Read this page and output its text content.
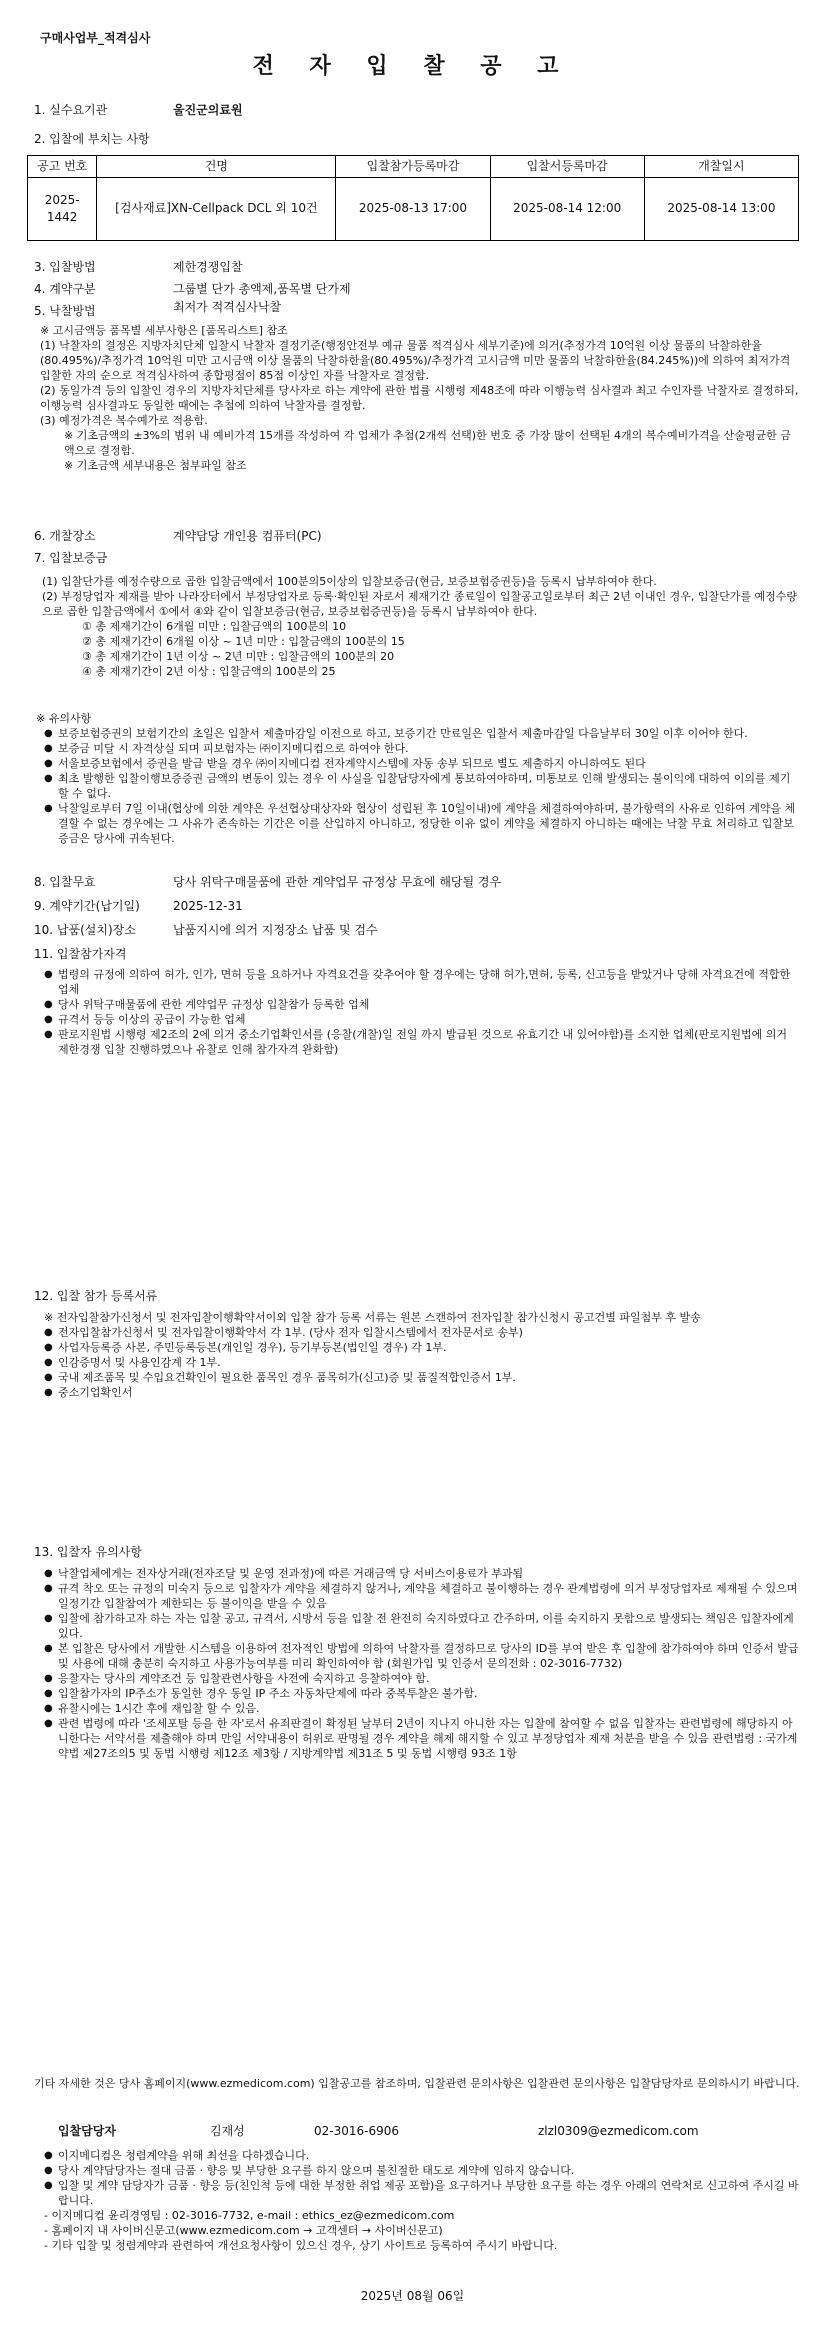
구매사업부_적격심사
전 자 입 찰 공 고
1. 실수요기관	울진군의료원
2. 입찰에 부치는 사항
공고 번호	건명	입찰참가등록마감	입찰서등록마감	개찰일시
2025-1442	[검사재료]XN-Cellpack DCL 외 10건	2025-08-13 17:00	2025-08-14 12:00	2025-08-14 13:00
3. 입찰방법	제한경쟁입찰
4. 계약구분	그룹별 단가 총액제,품목별 단가제
5. 낙찰방법	최저가 적격심사낙찰
※ 고시금액등 품목별 세부사항은 [품목리스트] 참조
(1) 낙찰자의 결정은 지방자치단체 입찰시 낙찰자 결정기준(행정안전부 예규 물품 적격심사 세부기준)에 의거(추정가격 10억원 이상 물품의 낙찰하한율(80.495%)/추정가격 10억원 미만 고시금액 이상 물품의 낙찰하한율(80.495%)/추정가격 고시금액 미만 물품의 낙찰하한율(84.245%))에 의하여 최저가격 입찰한 자의 순으로 적격심사하여 종합평점이 85점 이상인 자를 낙찰자로 결정함.
(2) 동일가격 등의 입찰인 경우의 지방자치단체를 당사자로 하는 계약에 관한 법률 시행령 제48조에 따라 이행능력 심사결과 최고 수인자를 낙찰자로 결정하되, 이행능력 심사결과도 동일한 때에는 추첨에 의하여 낙찰자를 결정함.
(3) 예정가격은 복수예가로 적용함.
※ 기초금액의 ±3%의 범위 내 예비가격 15개를 작성하여 각 업체가 추첨(2개씩 선택)한 번호 중 가장 많이 선택된 4개의 복수예비가격을 산술평균한 금액으로 결정함.
※ 기초금액 세부내용은 첨부파일 참조
6. 개찰장소	계약담당 개인용 컴퓨터(PC)
7. 입찰보증금
(1) 입찰단가를 예정수량으로 곱한 입찰금액에서 100분의5이상의 입찰보증금(현금, 보증보험증권등)을 등록시 납부하여야 한다.
(2) 부정당업자 제재를 받아 나라장터에서 부정당업자로 등록·확인된 자로서 제재기간 종료일이 입찰공고일로부터 최근 2년 이내인 경우, 입찰단가를 예정수량으로 곱한 입찰금액에서 ①에서 ④와 같이 입찰보증금(현금, 보증보험증권등)을 등록시 납부하여야 한다.
① 총 제재기간이 6개월 미만 : 입찰금액의 100분의 10
② 총 제재기간이 6개월 이상 ~ 1년 미만 : 입찰금액의 100분의 15
③ 총 제재기간이 1년 이상 ~ 2년 미만 : 입찰금액의 100분의 20
④ 총 제재기간이 2년 이상 : 입찰금액의 100분의 25
※ 유의사항
● 보증보험증권의 보험기간의 초일은 입찰서 제출마감일 이전으로 하고, 보증기간 만료일은 입찰서 제출마감일 다음날부터 30일 이후 이어야 한다.
● 보증금 미달 시 자격상실 되며 피보험자는 ㈜이지메디컴으로 하여야 한다.
● 서울보증보험에서 증권을 발급 받을 경우 ㈜이지메디컴 전자계약시스템에 자동 송부 되므로 별도 제출하지 아니하여도 된다
● 최초 발행한 입찰이행보증증권 금액의 변동이 있는 경우 이 사실을 입찰담당자에게 통보하여야하며, 미통보로 인해 발생되는 불이익에 대하여 이의를 제기할 수 없다.
● 낙찰일로부터 7일 이내(협상에 의한 계약은 우선협상대상자와 협상이 성립된 후 10일이내)에 계약을 체결하여야하며, 불가항력의 사유로 인하여 계약을 체결할 수 없는 경우에는 그 사유가 존속하는 기간은 이를 산입하지 아니하고, 정당한 이유 없이 계약을 체결하지 아니하는 때에는 낙찰 무효 처리하고 입찰보증금은 당사에 귀속된다.
8. 입찰무효	당사 위탁구매물품에 관한 계약업무 규정상 무효에 해당될 경우
9. 계약기간(납기일)	2025-12-31
10. 납품(설치)장소	납품지시에 의거 지정장소 납품 및 검수
11. 입찰참가자격
● 법령의 규정에 의하여 허가, 인가, 면허 등을 요하거나 자격요건을 갖추어야 할 경우에는 당해 허가,면허, 등록, 신고등을 받았거나 당해 자격요건에 적합한 업체
● 당사 위탁구매물품에 관한 계약업무 규정상 입찰참가 등록한 업체
● 규격서 등등 이상의 공급이 가능한 업체
● 판로지원법 시행령 제2조의 2에 의거 중소기업확인서를 (응찰(개찰)일 전일 까지 발급된 것으로 유효기간 내 있어야함)를 소지한 업체(판로지원법에 의거 제한경쟁 입찰 진행하였으나 유찰로 인해 참가자격 완화함)
12. 입찰 참가 등록서류
※ 전자입찰참가신청서 및 전자입찰이행확약서이외 입찰 참가 등록 서류는 원본 스캔하여 전자입찰 참가신청시 공고건별 파일첨부 후 발송
● 전자입찰참가신청서 및 전자입찰이행확약서 각 1부. (당사 전자 입찰시스템에서 전자문서로 송부)
● 사업자등록증 사본, 주민등록등본(개인일 경우), 등기부등본(법인일 경우) 각 1부.
● 인감증명서 및 사용인감계 각 1부.
● 국내 제조품목 및 수입요건확인이 필요한 품목인 경우 품목허가(신고)증 및 품질적합인증서 1부.
● 중소기업확인서
13. 입찰자 유의사항
● 낙찰업체에게는 전자상거래(전자조달 및 운영 전과정)에 따른 거래금액 당 서비스이용료가 부과됨
● 규격 착오 또는 규정의 미숙지 등으로 입찰자가 계약을 체결하지 않거나, 계약을 체결하고 불이행하는 경우 관계법령에 의거 부정당업자로 제재될 수 있으며 일정기간 입찰참여가 제한되는 등 불이익을 받을 수 있음
● 입찰에 참가하고자 하는 자는 입찰 공고, 규격서, 시방서 등을 입찰 전 완전히 숙지하였다고 간주하며, 이를 숙지하지 못함으로 발생되는 책임은 입찰자에게 있다.
● 본 입찰은 당사에서 개발한 시스템을 이용하여 전자적인 방법에 의하여 낙찰자를 결정하므로 당사의 ID를 부여 받은 후 입찰에 참가하여야 하며 인증서 발급 및 사용에 대해 충분히 숙지하고 사용가능여부를 미리 확인하여야 함 (회원가입 및 인증서 문의전화 : 02-3016-7732)
● 응찰자는 당사의 계약조건 등 입찰관련사항을 사전에 숙지하고 응찰하여야 함.
● 입찰참가자의 IP주소가 동일한 경우 동일 IP 주소 자동차단제에 따라 중복투찰은 불가함.
● 유찰시에는 1시간 후에 재입찰 할 수 있음.
● 관련 법령에 따라 '조세포탈 등을 한 자'로서 유죄판결이 확정된 날부터 2년이 지나지 아니한 자는 입찰에 참여할 수 없음 입찰자는 관련법령에 해당하지 아니한다는 서약서를 제출해야 하며 만일 서약내용이 허위로 판명될 경우 계약을 해제 해지할 수 있고 부정당업자 제재 처분을 받을 수 있음 관련법령 : 국가계약법 제27조의5 및 동법 시행령 제12조 제3항 / 지방계약법 제31조 5 및 동법 시행령 93조 1항
기타 자세한 것은 당사 홈페이지(www.ezmedicom.com) 입찰공고를 참조하며, 입찰관련 문의사항은 입찰관련 문의사항은 입찰담당자로 문의하시기 바랍니다.
입찰담당자	김재성	02-3016-6906	zlzl0309@ezmedicom.com
● 이지메디컴은 청렴계약을 위해 최선을 다하겠습니다.
● 당사 계약담당자는 절대 금품 · 향응 및 부당한 요구를 하지 않으며 불친절한 태도로 계약에 임하지 않습니다.
● 입찰 및 계약 담당자가 금품 · 향응 등(친인척 등에 대한 부정한 취업 제공 포함)을 요구하거나 부당한 요구를 하는 경우 아래의 연락처로 신고하여 주시길 바랍니다.
- 이지메디컴 윤리경영팀 : 02-3016-7732, e-mail : ethics_ez@ezmedicom.com
- 홈페이지 내 사이버신문고(www.ezmedicom.com → 고객센터 → 사이버신문고)
- 기타 입찰 및 청렴계약과 관련하여 개선요청사항이 있으신 경우, 상기 사이트로 등록하여 주시기 바랍니다.
2025년 08월 06일
